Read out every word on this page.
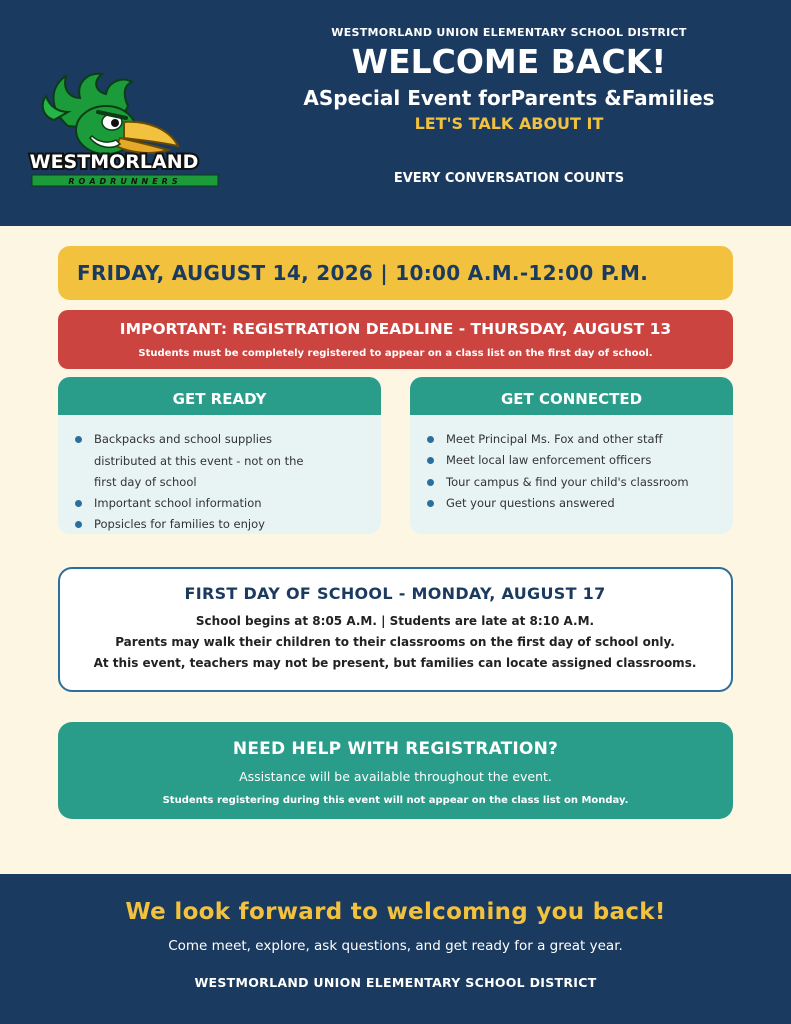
WESTMORLAND
ROADRUNNERS
WESTMORLAND UNION ELEMENTARY SCHOOL DISTRICT
WELCOME BACK!
ASpecial Event forParents &Families
LET'S TALK ABOUT IT
EVERY CONVERSATION COUNTS
FRIDAY, AUGUST 14, 2026 | 10:00 A.M.-12:00 P.M.
IMPORTANT: REGISTRATION DEADLINE - THURSDAY, AUGUST 13
Students must be completely registered to appear on a class list on the first day of school.
GET READY
Backpacks and school supplies
distributed at this event - not on the
first day of school
Important school information
Popsicles for families to enjoy
GET CONNECTED
Meet Principal Ms. Fox and other staff
Meet local law enforcement officers
Tour campus & find your child's classroom
Get your questions answered
FIRST DAY OF SCHOOL - MONDAY, AUGUST 17
School begins at 8:05 A.M. | Students are late at 8:10 A.M.
Parents may walk their children to their classrooms on the first day of school only.
At this event, teachers may not be present, but families can locate assigned classrooms.
NEED HELP WITH REGISTRATION?
Assistance will be available throughout the event.
Students registering during this event will not appear on the class list on Monday.
We look forward to welcoming you back!
Come meet, explore, ask questions, and get ready for a great year.
WESTMORLAND UNION ELEMENTARY SCHOOL DISTRICT
